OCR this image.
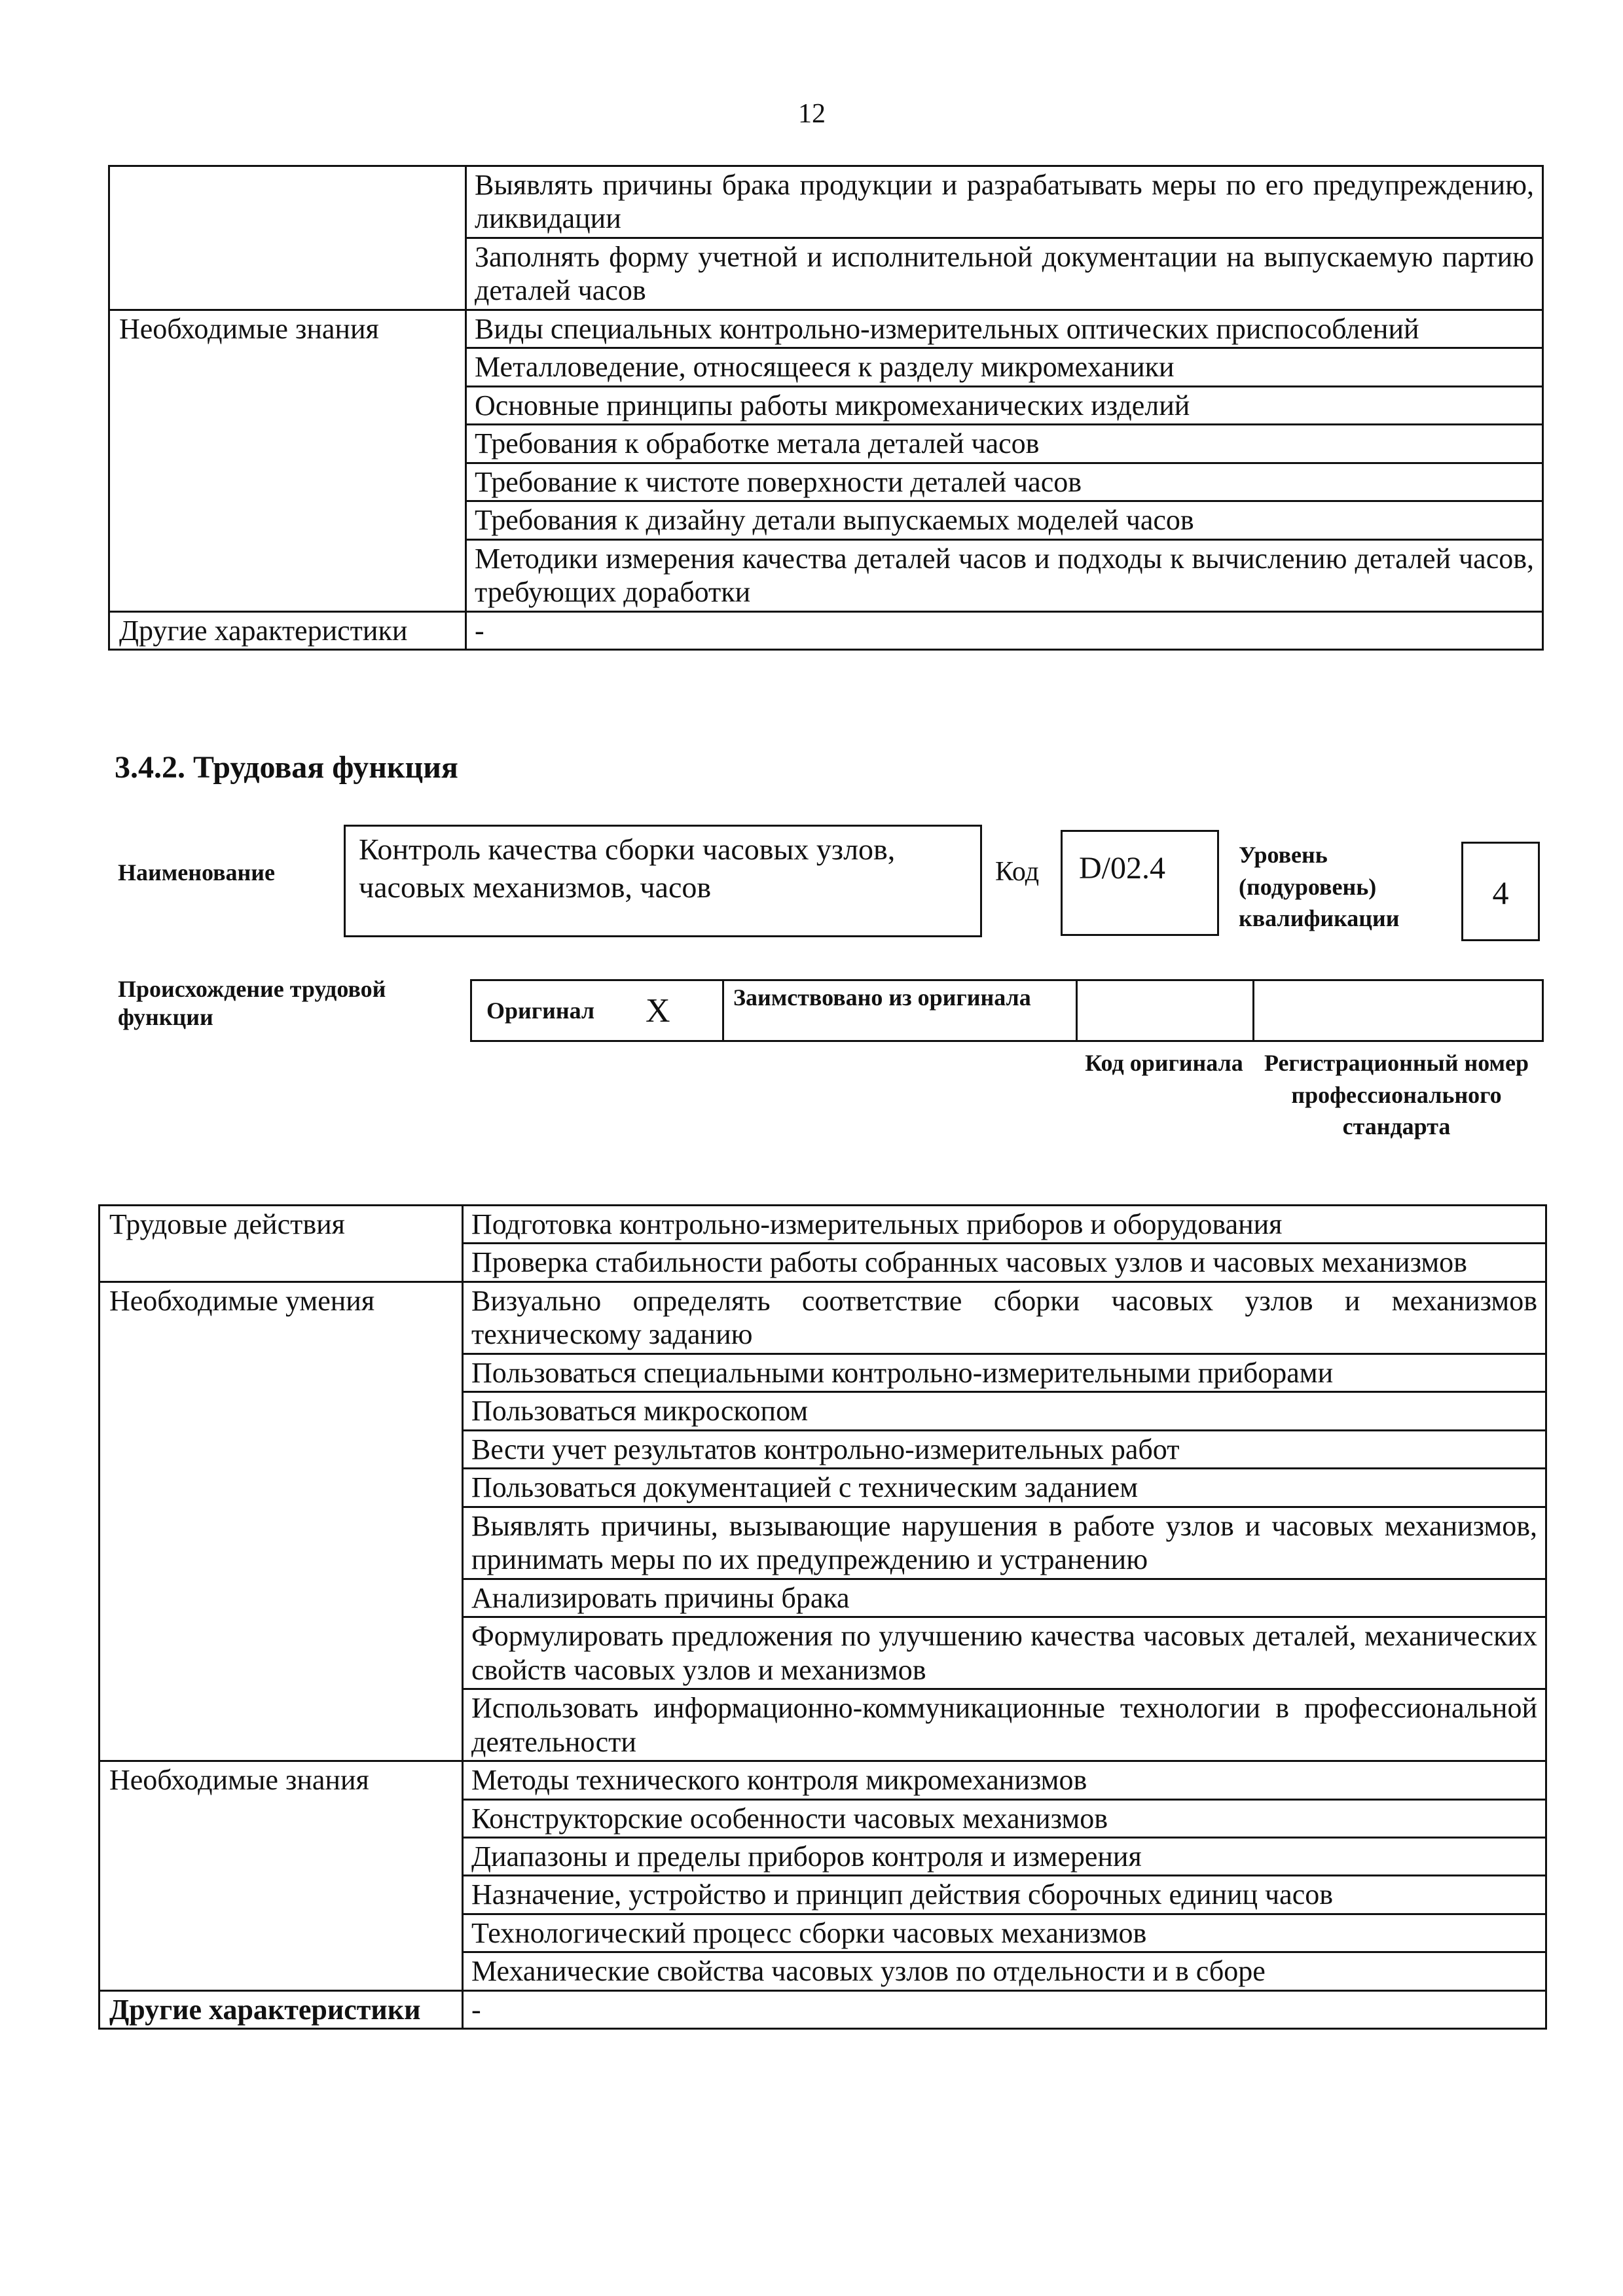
12
	Выявлять причины брака продукции и разрабатывать меры по его предупреждению, ликвидации
	Заполнять форму учетной и исполнительной документации на выпускаемую партию деталей часов
Необходимые знания	Виды специальных контрольно-измерительных оптических приспособлений
	Металловедение, относящееся к разделу микромеханики
	Основные принципы работы микромеханических изделий
	Требования к обработке метала деталей часов
	Требование к чистоте поверхности деталей часов
	Требования к дизайну детали выпускаемых моделей часов
	Методики измерения качества деталей часов и подходы к вычислению деталей часов, требующих доработки
Другие характеристики	-
3.4.2. Трудовая функция
Наименование
Контроль качества сборки часовых узлов, часовых механизмов, часов	Код D/02.4	Уровень (подуровень) квалификации
4
Происхождение трудовой функции	Оригинал X	Заимствовано из оригинала
Код оригинала Регистрационный номер профессионального стандарта
Трудовые действия	Подготовка контрольно-измерительных приборов и оборудования
	Проверка стабильности работы собранных часовых узлов и часовых механизмов
Необходимые умения	Визуально определять соответствие сборки часовых узлов и механизмов техническому заданию
	Пользоваться специальными контрольно-измерительными приборами
	Пользоваться микроскопом
	Вести учет результатов контрольно-измерительных работ
	Пользоваться документацией с техническим заданием
	Выявлять причины, вызывающие нарушения в работе узлов и часовых механизмов, принимать меры по их предупреждению и устранению
	Анализировать причины брака
	Формулировать предложения по улучшению качества часовых деталей, механических свойств часовых узлов и механизмов
	Использовать информационно-коммуникационные технологии в профессиональной деятельности
Необходимые знания	Методы технического контроля микромеханизмов
	Конструкторские особенности часовых механизмов
	Диапазоны и пределы приборов контроля и измерения
	Назначение, устройство и принцип действия сборочных единиц часов
	Технологический процесс сборки часовых механизмов
	Механические свойства часовых узлов по отдельности и в сборе
Другие характеристики	-
